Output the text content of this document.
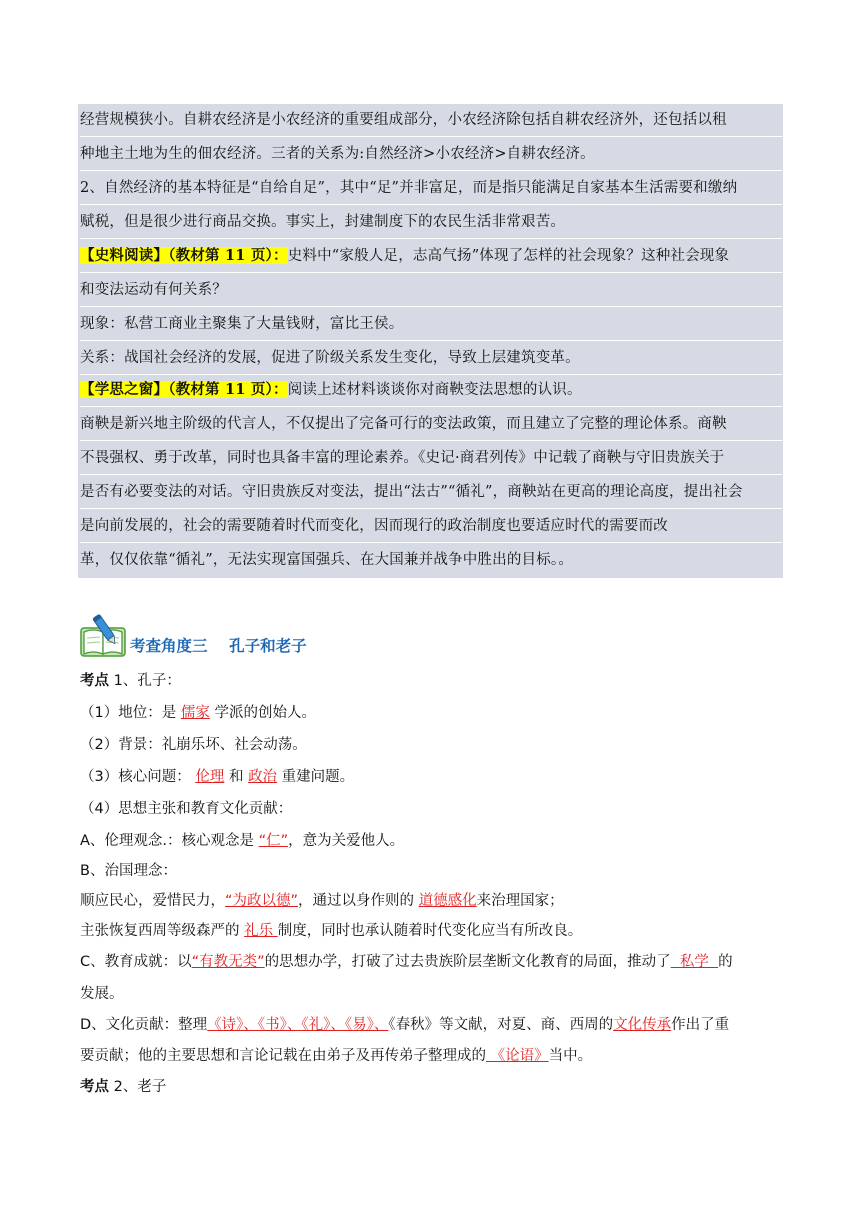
经营规模狭小。自耕农经济是小农经济的重要组成部分，小农经济除包括自耕农经济外，还包括以租
种地主土地为生的佃农经济。三者的关系为:自然经济>小农经济>自耕农经济。
2、自然经济的基本特征是“自给自足”，其中“足”并非富足，而是指只能满足自家基本生活需要和缴纳
赋税，但是很少进行商品交换。事实上，封建制度下的农民生活非常艰苦。
【史料阅读】（教材第 11 页）：史料中“家般人足，志高气扬”体现了怎样的社会现象？这种社会现象
和变法运动有何关系？
现象：私营工商业主聚集了大量钱财，富比王侯。
关系：战国社会经济的发展，促进了阶级关系发生变化，导致上层建筑变革。
【学思之窗】（教材第 11 页）：阅读上述材料谈谈你对商鞅变法思想的认识。
商鞅是新兴地主阶级的代言人，不仅提出了完备可行的变法政策，而且建立了完整的理论体系。商鞅
不畏强权、勇于改革，同时也具备丰富的理论素养。《史记·商君列传》中记载了商鞅与守旧贵族关于
是否有必要变法的对话。守旧贵族反对变法，提出“法古”“循礼”，商鞅站在更高的理论高度，提出社会
是向前发展的，社会的需要随着时代而变化，因而现行的政治制度也要适应时代的需要而改
革，仅仅依靠“循礼”，无法实现富国强兵、在大国兼并战争中胜出的目标。。
考查角度三    孔子和老子
考点 1、孔子：
（1）地位：是 儒家 学派的创始人。
（2）背景：礼崩乐坏、社会动荡。
（3）核心问题： 伦理 和 政治 重建问题。
（4）思想主张和教育文化贡献：
A、伦理观念.：核心观念是 “仁”，意为关爱他人。
B、治国理念：
顺应民心，爱惜民力，“为政以德”，通过以身作则的 道德感化来治理国家；
主张恢复西周等级森严的 礼乐 制度，同时也承认随着时代变化应当有所改良。
C、教育成就：以“有教无类”的思想办学，打破了过去贵族阶层垄断文化教育的局面，推动了  私学  的
发展。
D、文化贡献：整理《诗》、《书》、《礼》、《易》、《春秋》等文献，对夏、商、西周的文化传承作出了重
要贡献；他的主要思想和言论记载在由弟子及再传弟子整理成的 《论语》当中。
考点 2、老子
